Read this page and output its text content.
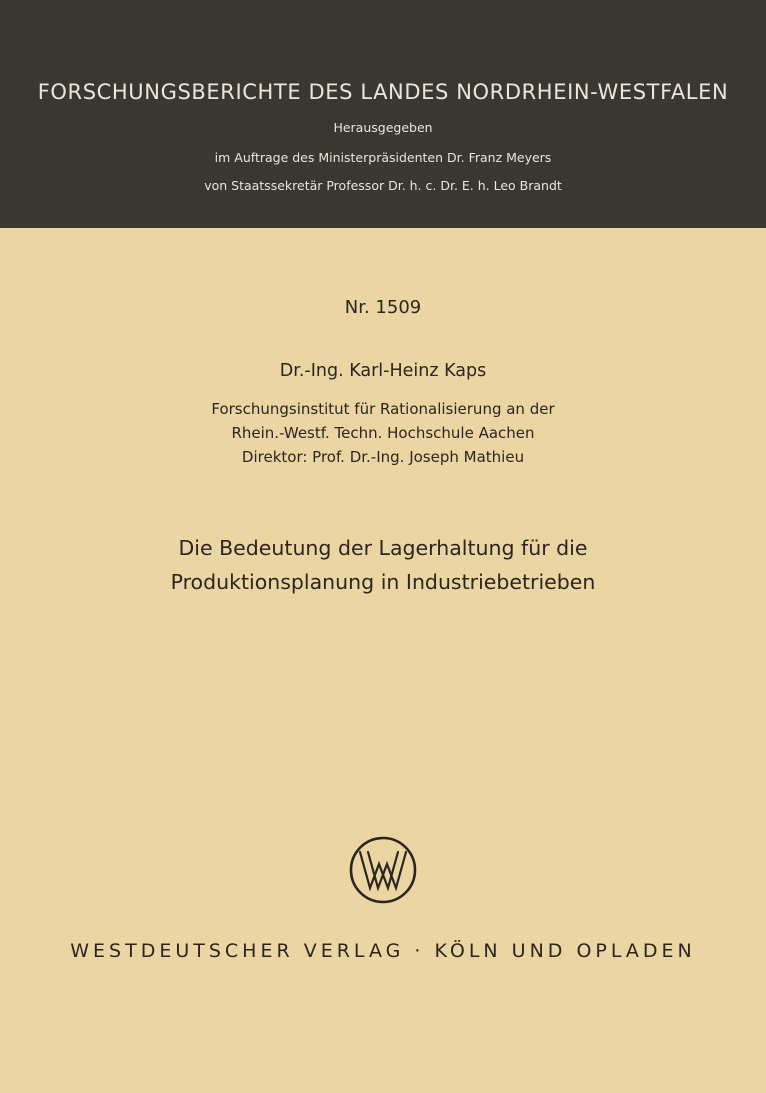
FORSCHUNGSBERICHTE DES LANDES NORDRHEIN-WESTFALEN
Herausgegeben
im Auftrage des Ministerpräsidenten Dr. Franz Meyers
von Staatssekretär Professor Dr. h. c. Dr. E. h. Leo Brandt
Nr. 1509
Dr.-Ing. Karl-Heinz Kaps
Forschungsinstitut für Rationalisierung an der
Rhein.-Westf. Techn. Hochschule Aachen
Direktor: Prof. Dr.-Ing. Joseph Mathieu
Die Bedeutung der Lagerhaltung für die
Produktionsplanung in Industriebetrieben
WESTDEUTSCHER VERLAG · KÖLN UND OPLADEN
